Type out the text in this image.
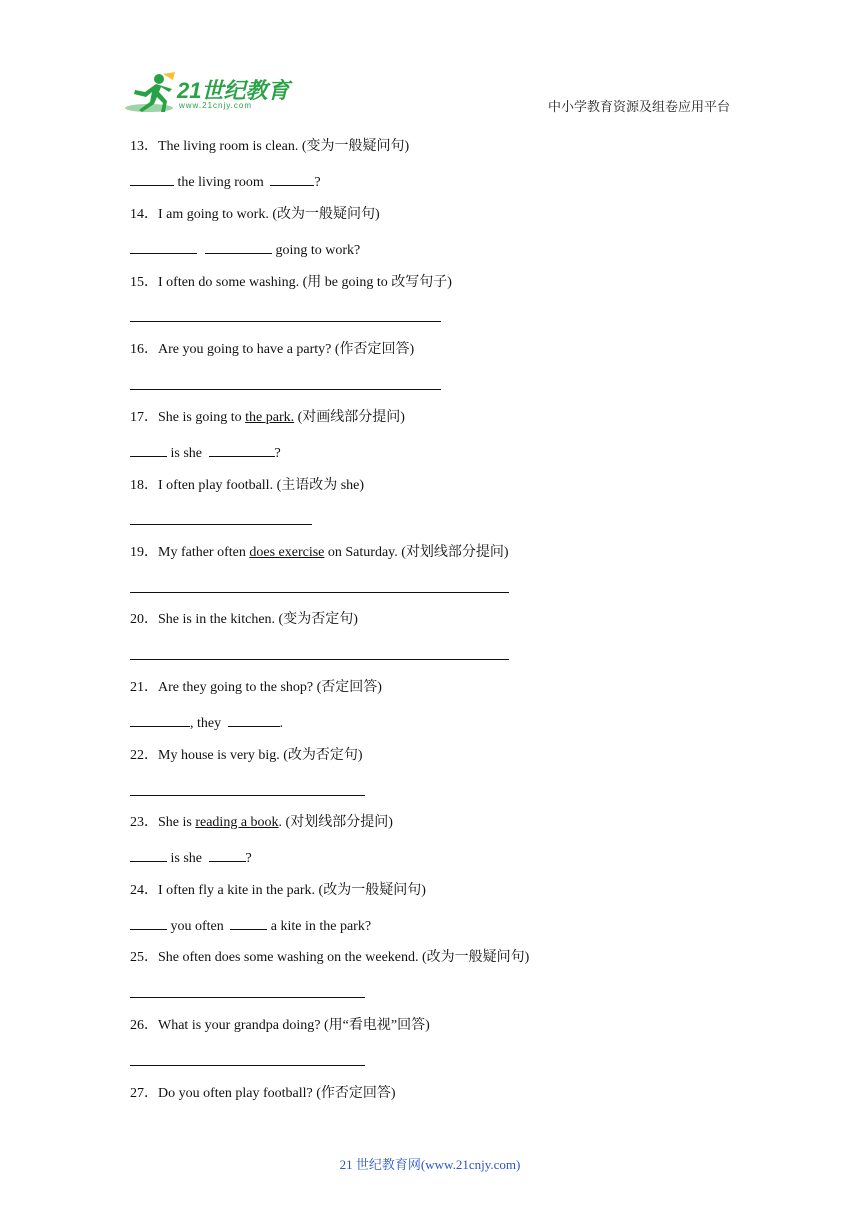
21世纪教育
www.21cnjy.com	中小学教育资源及组卷应用平台
13．The living room is clean. (变为一般疑问句)
the living room	?
14．I am going to work. (改为一般疑问句)
going to work?
15．I often do some washing. (用 be going to 改写句子)
16．Are you going to have a party? (作否定回答)
17．She is going to the park. (对画线部分提问)
is she	?
18．I often play football. (主语改为 she)
19．My father often does exercise on Saturday. (对划线部分提问)
20．She is in the kitchen. (变为否定句)
21．Are they going to the shop? (否定回答)
, they	.
22．My house is very big. (改为否定句)
23．She is reading a book. (对划线部分提问)
is she	?
24．I often fly a kite in the park. (改为一般疑问句)
you often	a kite in the park?
25．She often does some washing on the weekend. (改为一般疑问句)
26．What is your grandpa doing? (用“看电视”回答)
27．Do you often play football? (作否定回答)
21 世纪教育网(www.21cnjy.com)
